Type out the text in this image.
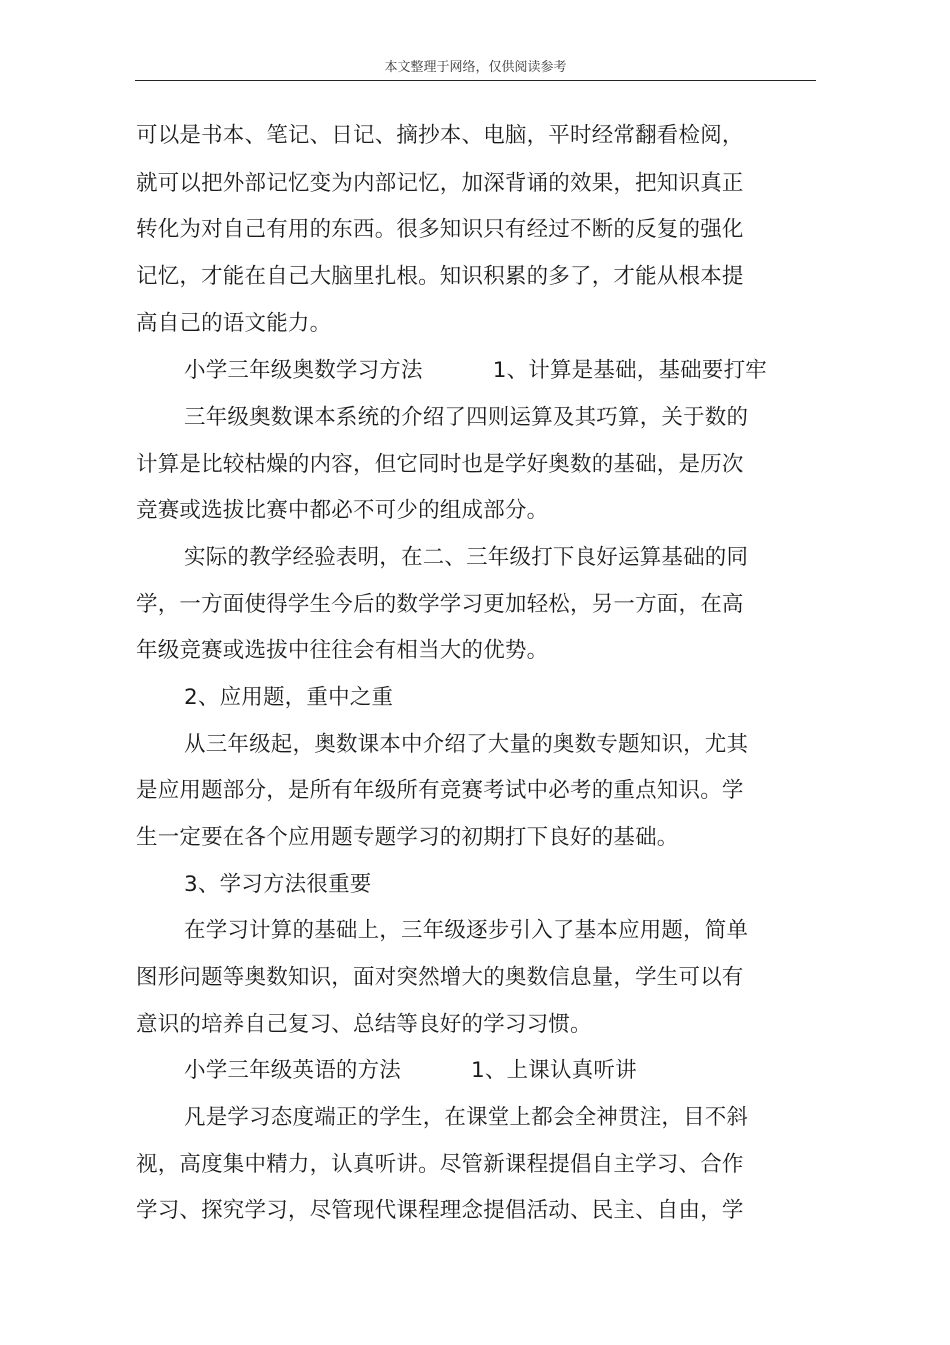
本文整理于网络，仅供阅读参考
可以是书本、笔记、日记、摘抄本、电脑，平时经常翻看检阅，
就可以把外部记忆变为内部记忆，加深背诵的效果，把知识真正
转化为对自己有用的东西。很多知识只有经过不断的反复的强化
记忆，才能在自己大脑里扎根。知识积累的多了，才能从根本提
高自己的语文能力。
小学三年级奥数学习方法	1、计算是基础，基础要打牢
三年级奥数课本系统的介绍了四则运算及其巧算，关于数的
计算是比较枯燥的内容，但它同时也是学好奥数的基础，是历次
竞赛或选拔比赛中都必不可少的组成部分。
实际的教学经验表明，在二、三年级打下良好运算基础的同
学，一方面使得学生今后的数学学习更加轻松，另一方面，在高
年级竞赛或选拔中往往会有相当大的优势。
2、应用题，重中之重
从三年级起，奥数课本中介绍了大量的奥数专题知识，尤其
是应用题部分，是所有年级所有竞赛考试中必考的重点知识。学
生一定要在各个应用题专题学习的初期打下良好的基础。
3、学习方法很重要
在学习计算的基础上，三年级逐步引入了基本应用题，简单
图形问题等奥数知识，面对突然增大的奥数信息量，学生可以有
意识的培养自己复习、总结等良好的学习习惯。
小学三年级英语的方法	1、上课认真听讲
凡是学习态度端正的学生，在课堂上都会全神贯注，目不斜
视，高度集中精力，认真听讲。尽管新课程提倡自主学习、合作
学习、探究学习，尽管现代课程理念提倡活动、民主、自由，学
